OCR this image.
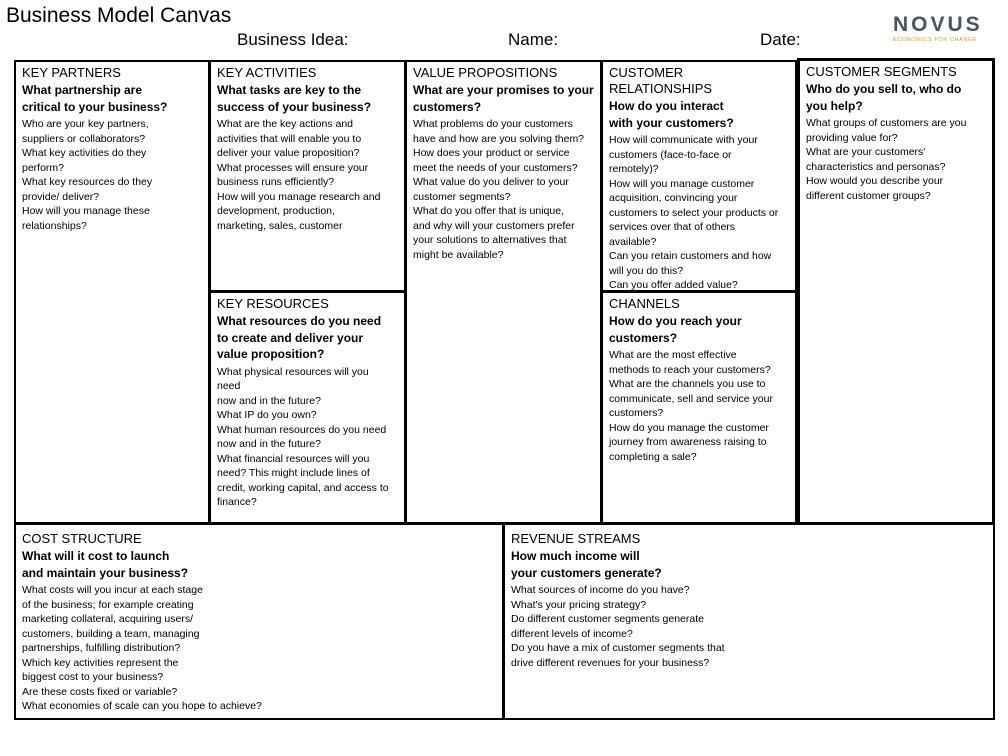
Business Model Canvas
Business Idea:	Name:	Date:
NOVUS
ECONOMICS FOR CHANGE
KEY PARTNERS
What partnership are
critical to your business?
Who are your key partners,
suppliers or collaborators?
What key activities do they
perform?
What key resources do they
provide/ deliver?
How will you manage these
relationships?
KEY ACTIVITIES
What tasks are key to the
success of your business?
What are the key actions and
activities that will enable you to
deliver your value proposition?
What processes will ensure your
business runs efficiently?
How will you manage research and
development, production,
marketing, sales, customer
KEY RESOURCES
What resources do you need
to create and deliver your
value proposition?
What physical resources will you
need
now and in the future?
What IP do you own?
What human resources do you need
now and in the future?
What financial resources will you
need? This might include lines of
credit, working capital, and access to
finance?
VALUE PROPOSITIONS
What are your promises to your
customers?
What problems do your customers
have and how are you solving them?
How does your product or service
meet the needs of your customers?
What value do you deliver to your
customer segments?
What do you offer that is unique,
and why will your customers prefer
your solutions to alternatives that
might be available?
CUSTOMER RELATIONSHIPS
How do you interact
with your customers?
How will communicate with your
customers (face-to-face or
remotely)?
How will you manage customer
acquisition, convincing your
customers to select your products or
services over that of others
available?
Can you retain customers and how
will you do this?
Can you offer added value?
CHANNELS
How do you reach your
customers?
What are the most effective
methods to reach your customers?
What are the channels you use to
communicate, sell and service your
customers?
How do you manage the customer
journey from awareness raising to
completing a sale?
CUSTOMER SEGMENTS
Who do you sell to, who do
you help?
What groups of customers are you
providing value for?
What are your customers'
characteristics and personas?
How would you describe your
different customer groups?
COST STRUCTURE
What will it cost to launch
and maintain your business?
What costs will you incur at each stage
of the business; for example creating
marketing collateral, acquiring users/
customers, building a team, managing
partnerships, fulfilling distribution?
Which key activities represent the
biggest cost to your business?
Are these costs fixed or variable?
What economies of scale can you hope to achieve?
REVENUE STREAMS
How much income will
your customers generate?
What sources of income do you have?
What's your pricing strategy?
Do different customer segments generate
different levels of income?
Do you have a mix of customer segments that
drive different revenues for your business?
